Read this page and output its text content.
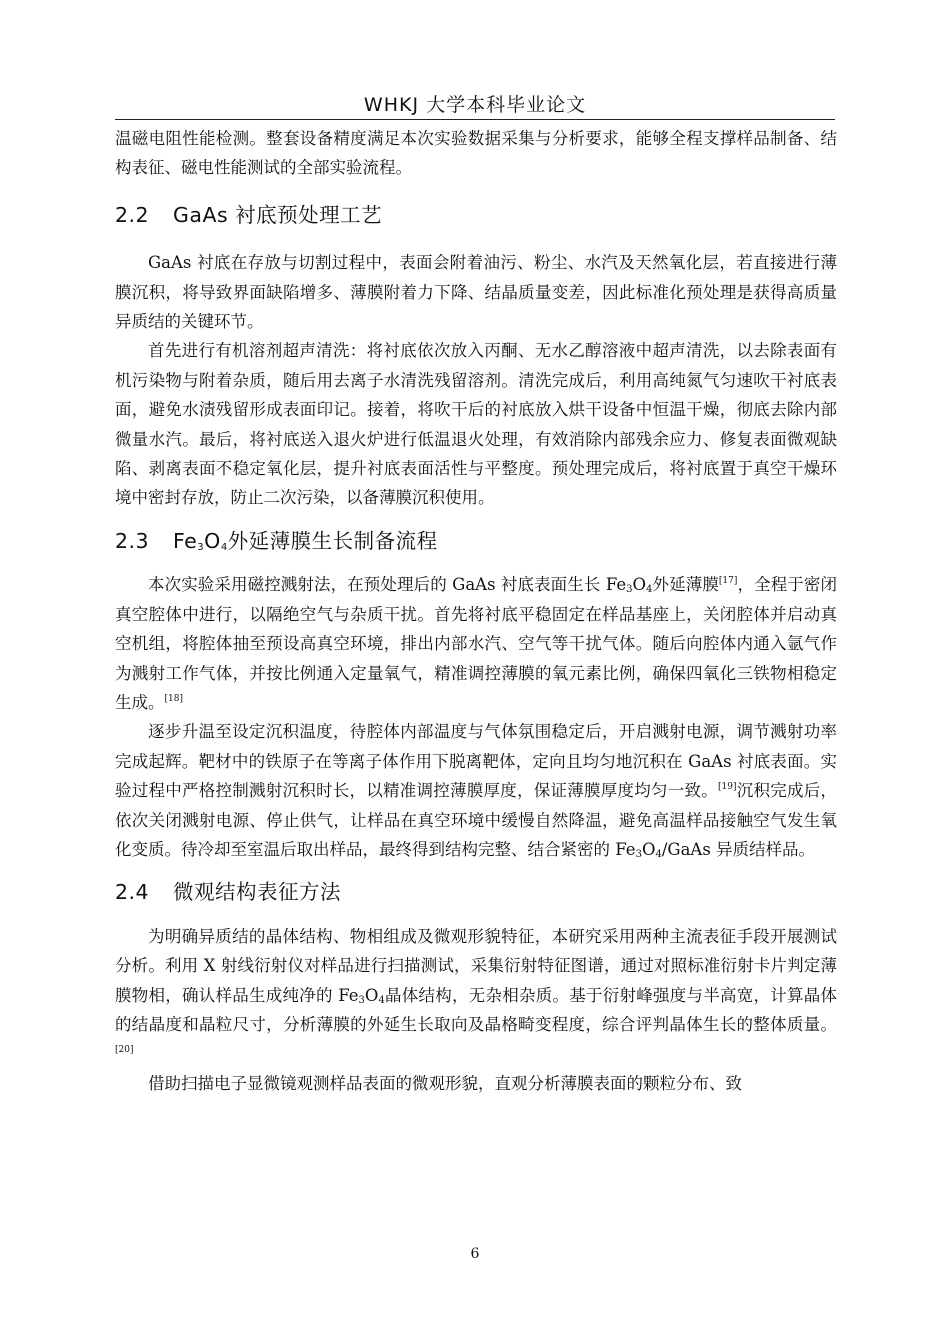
WHKJ 大学本科毕业论文

温磁电阻性能检测。整套设备精度满足本次实验数据采集与分析要求，能够全程支撑样品制备、结构表征、磁电性能测试的全部实验流程。

2.2 GaAs 衬底预处理工艺

GaAs 衬底在存放与切割过程中，表面会附着油污、粉尘、水汽及天然氧化层，若直接进行薄膜沉积，将导致界面缺陷增多、薄膜附着力下降、结晶质量变差，因此标准化预处理是获得高质量异质结的关键环节。

首先进行有机溶剂超声清洗：将衬底依次放入丙酮、无水乙醇溶液中超声清洗，以去除表面有机污染物与附着杂质，随后用去离子水清洗残留溶剂。清洗完成后，利用高纯氮气匀速吹干衬底表面，避免水渍残留形成表面印记。接着，将吹干后的衬底放入烘干设备中恒温干燥，彻底去除内部微量水汽。最后，将衬底送入退火炉进行低温退火处理，有效消除内部残余应力、修复表面微观缺陷、剥离表面不稳定氧化层，提升衬底表面活性与平整度。预处理完成后，将衬底置于真空干燥环境中密封存放，防止二次污染，以备薄膜沉积使用。

2.3 $Fe_3O_4$外延薄膜生长制备流程

本次实验采用磁控溅射法，在预处理后的 GaAs 衬底表面生长 $Fe_3O_4$外延薄膜[17]，全程于密闭真空腔体中进行，以隔绝空气与杂质干扰。首先将衬底平稳固定在样品基座上，关闭腔体并启动真空机组，将腔体抽至预设高真空环境，排出内部水汽、空气等干扰气体。随后向腔体内通入氩气作为溅射工作气体，并按比例通入定量氧气，精准调控薄膜的氧元素比例，确保四氧化三铁物相稳定生成。[18]

逐步升温至设定沉积温度，待腔体内部温度与气体氛围稳定后，开启溅射电源，调节溅射功率完成起辉。靶材中的铁原子在等离子体作用下脱离靶体，定向且均匀地沉积在 GaAs 衬底表面。实验过程中严格控制溅射沉积时长，以精准调控薄膜厚度，保证薄膜厚度均匀一致。[19]沉积完成后，依次关闭溅射电源、停止供气，让样品在真空环境中缓慢自然降温，避免高温样品接触空气发生氧化变质。待冷却至室温后取出样品，最终得到结构完整、结合紧密的 $Fe_3O_4$/GaAs 异质结样品。

2.4 微观结构表征方法

为明确异质结的晶体结构、物相组成及微观形貌特征，本研究采用两种主流表征手段开展测试分析。利用 X 射线衍射仪对样品进行扫描测试，采集衍射特征图谱，通过对照标准衍射卡片判定薄膜物相，确认样品生成纯净的 $Fe_3O_4$晶体结构，无杂相杂质。基于衍射峰强度与半高宽，计算晶体的结晶度和晶粒尺寸，分析薄膜的外延生长取向及晶格畸变程度，综合评判晶体生长的整体质量。[20]

借助扫描电子显微镜观测样品表面的微观形貌，直观分析薄膜表面的颗粒分布、致

6
